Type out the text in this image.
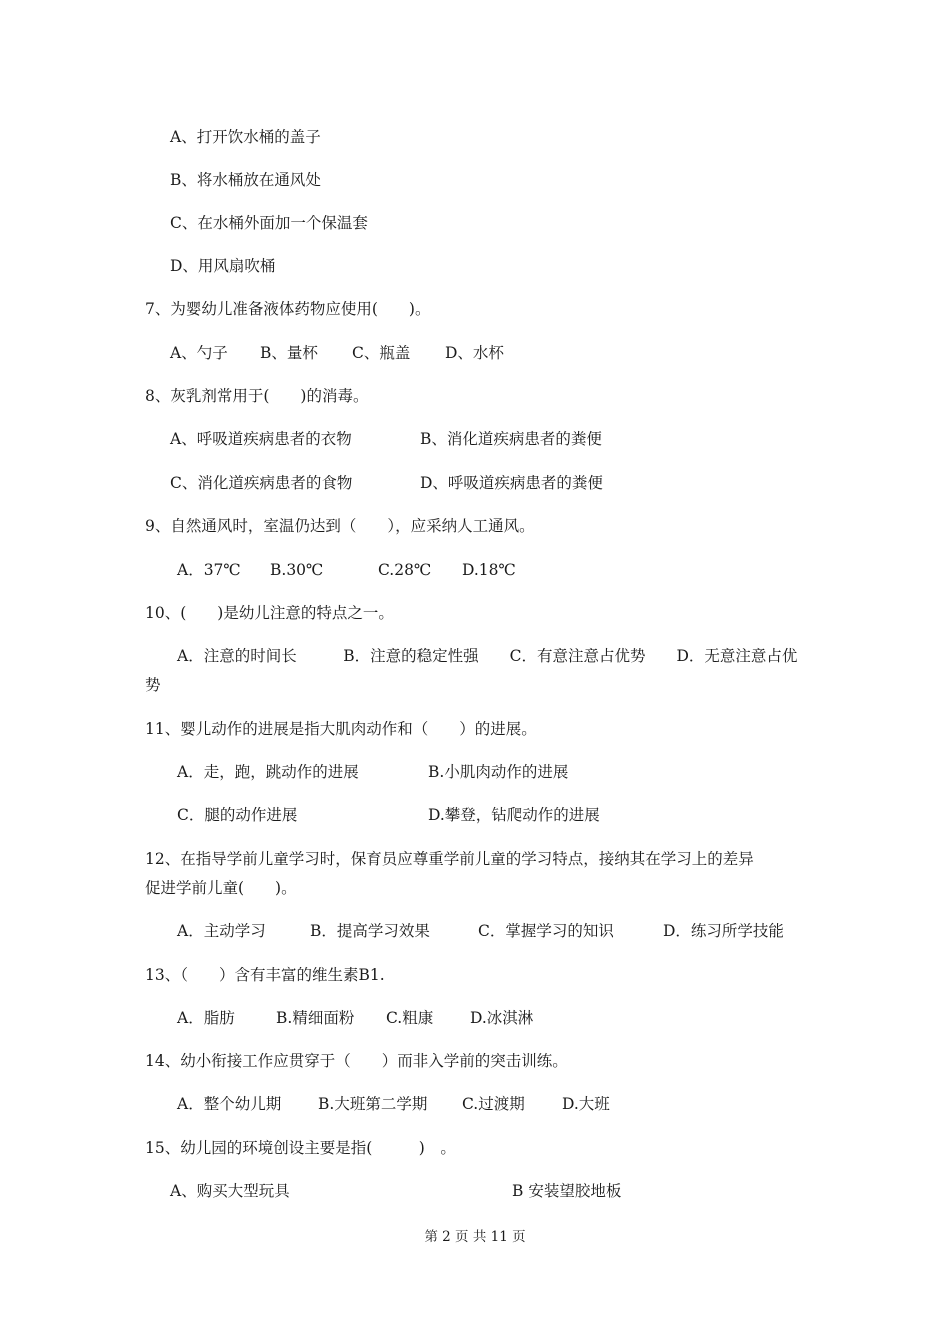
A、打开饮水桶的盖子
B、将水桶放在通风处
C、在水桶外面加一个保温套
D、用风扇吹桶
7、为婴幼儿准备液体药物应使用(　　)。
A、勺子 B、量杯 C、瓶盖 D、水杯
8、灰乳剂常用于(　　)的消毒。
A、呼吸道疾病患者的衣物	B、消化道疾病患者的粪便
C、消化道疾病患者的食物	D、呼吸道疾病患者的粪便
9、自然通风时，室温仍达到（　　），应采纳人工通风。
A．37℃ B.30℃	C.28℃ D.18℃
10、(　　)是幼儿注意的特点之一。
A．注意的时间长　　　B．注意的稳定性强　　C．有意注意占优势　　D．无意注意占优势
11、婴儿动作的进展是指大肌肉动作和（　　）的进展。
A．走，跑，跳动作的进展	B.小肌肉动作的进展
C．腿的动作进展	D.攀登，钻爬动作的进展
12、在指导学前儿童学习时，保育员应尊重学前儿童的学习特点，接纳其在学习上的差异
促进学前儿童(　　)。
A．主动学习	B．提高学习效果	C．掌握学习的知识	D．练习所学技能
13、（　　）含有丰富的维生素B1.
A．脂肪	B.精细面粉 C.粗康 D.冰淇淋
14、幼小衔接工作应贯穿于（　　）而非入学前的突击训练。
A．整个幼儿期 B.大班第二学期 C.过渡期 D.大班
15、幼儿园的环境创设主要是指(　　　)　。
A、购买大型玩具	B 安装望胶地板
第 2 页 共 11 页
